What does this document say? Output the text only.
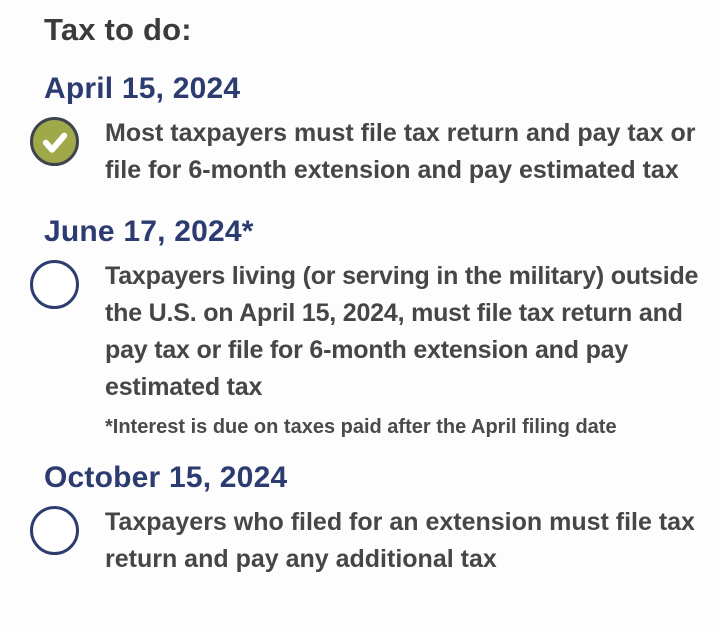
Tax to do:
April 15, 2024

Most taxpayers must file tax return and pay tax or file for 6-month extension and pay estimated tax

June 17, 2024*

Taxpayers living (or serving in the military) outside the U.S. on April 15, 2024, must file tax return and pay tax or file for 6-month extension and pay estimated tax

*Interest is due on taxes paid after the April filing date

October 15, 2024

Taxpayers who filed for an extension must file tax return and pay any additional tax
